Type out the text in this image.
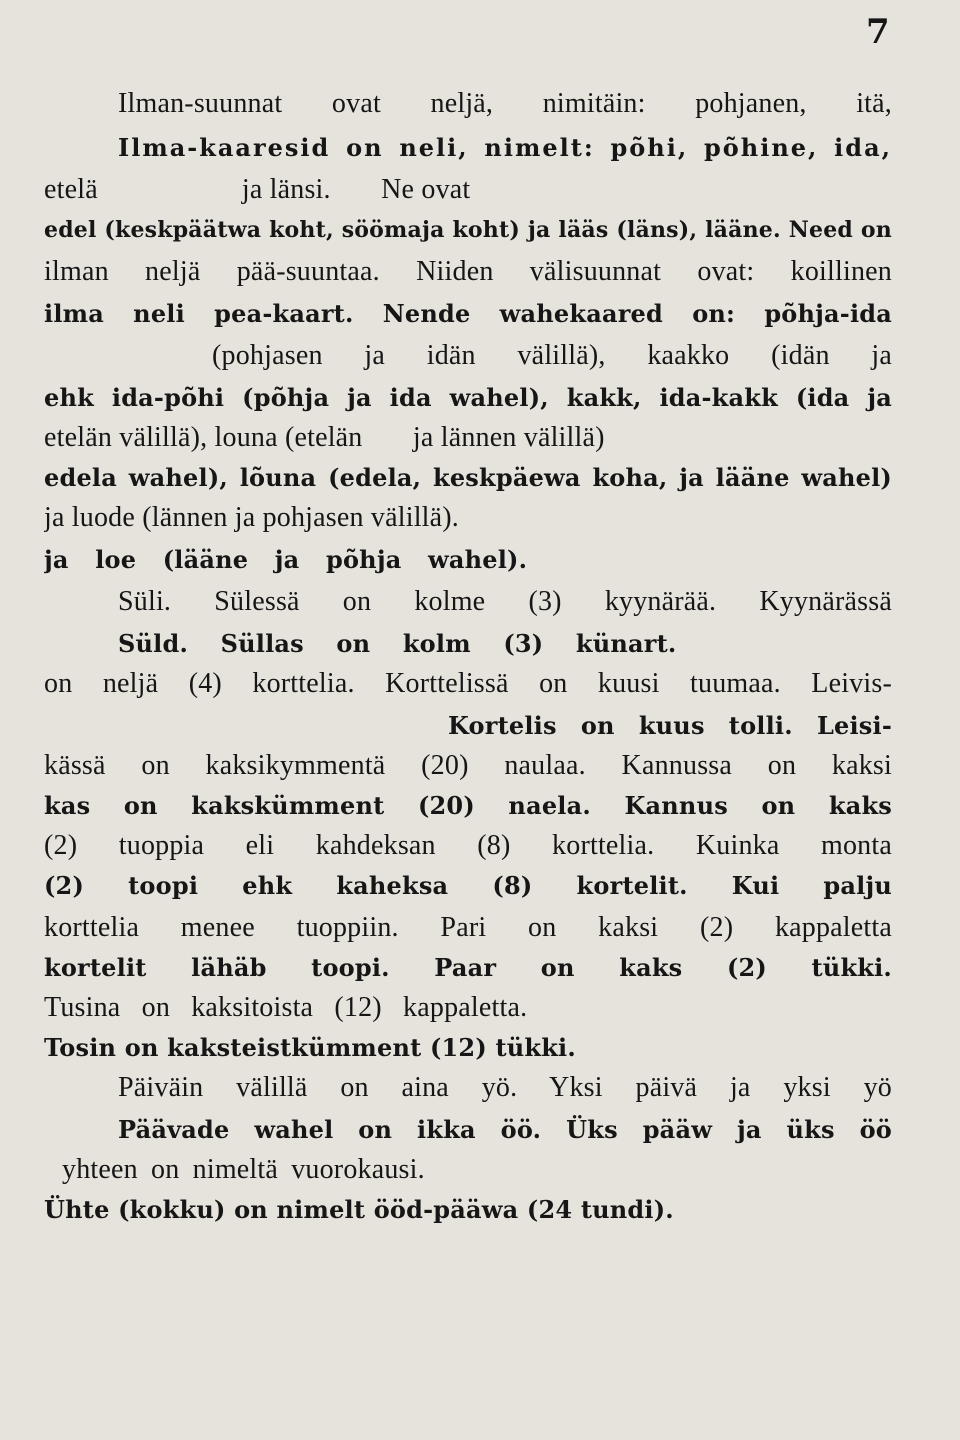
7
Ilman-suunnat ovat neljä, nimitäin: pohjanen, itä,
Ilma-kaaresid on neli, nimelt: põhi, põhine, ida,
etelä                    ja länsi.       Ne ovat
edel (keskpäätwa koht, söömaja koht) ja lääs (läns), lääne. Need on
ilman neljä pää-suuntaa. Niiden välisuunnat ovat: koillinen
ilma neli pea-kaart. Nende wahekaared on: põhja-ida
(pohjasen ja idän välillä), kaakko (idän ja
ehk ida-põhi (põhja ja ida wahel), kakk, ida-kakk (ida ja
etelän välillä), louna (etelän       ja lännen välillä)
edela wahel), lõuna (edela, keskpäewa koha, ja lääne wahel)
ja luode (lännen ja pohjasen välillä).
ja loe (lääne ja põhja wahel).
Süli. Sülessä on kolme (3) kyynärää. Kyynärässä
Süld. Süllas on kolm (3) künart.
on neljä (4) korttelia. Korttelissä on kuusi tuumaa. Leivis-
Kortelis on kuus tolli. Leisi-
kässä on kaksikymmentä (20) naulaa. Kannussa on kaksi
kas on kakskümment (20) naela. Kannus on kaks
(2) tuoppia eli kahdeksan (8) korttelia. Kuinka monta
(2) toopi ehk kaheksa (8) kortelit. Kui palju
korttelia menee tuoppiin. Pari on kaksi (2) kappaletta
kortelit lähäb toopi. Paar on kaks (2) tükki.
Tusina on kaksitoista (12) kappaletta.
Tosin on kaksteistkümment (12) tükki.
Päiväin välillä on aina yö. Yksi päivä ja yksi yö
Päävade wahel on ikka öö. Üks pääw ja üks öö
yhteen on nimeltä vuorokausi.
Ühte (kokku) on nimelt ööd-pääwa (24 tundi).
